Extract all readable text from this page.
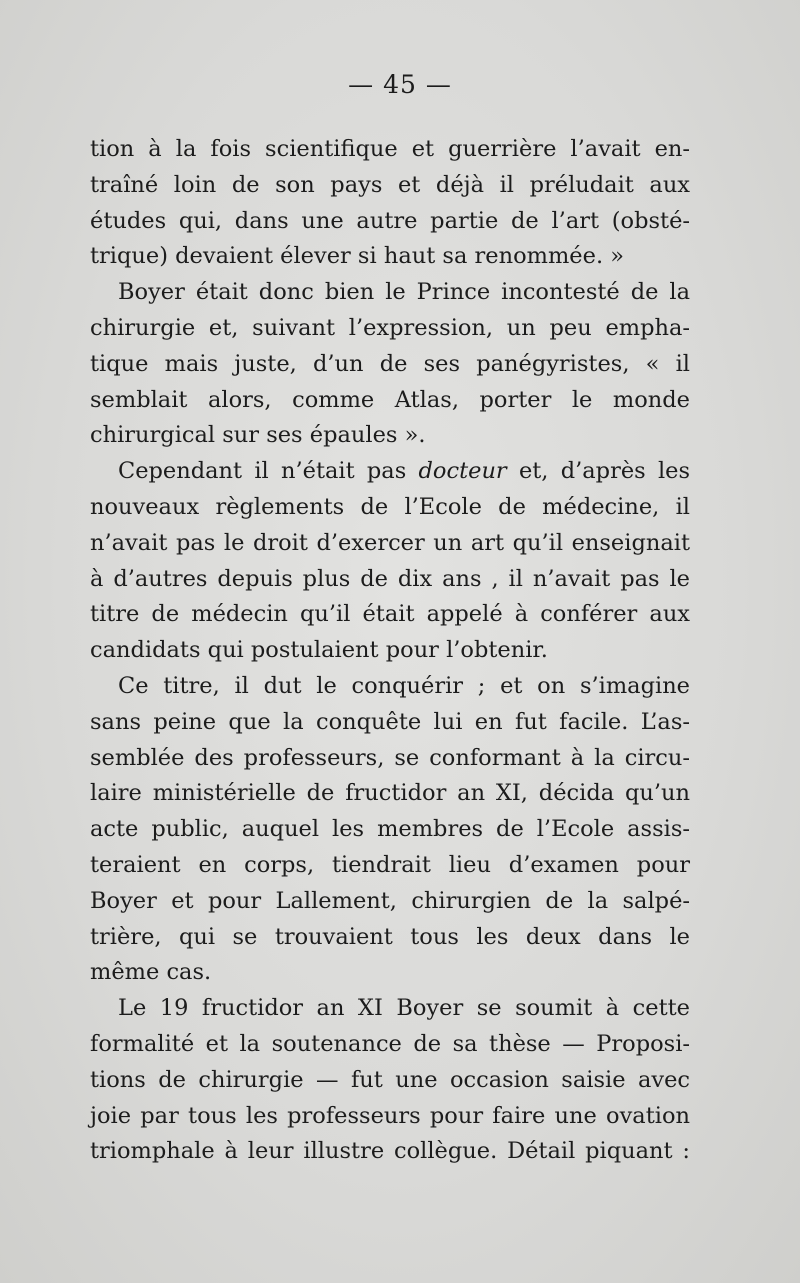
— 45 —
tion à la fois scientifique et guerrière l’avait en-
traîné loin de son pays et déjà il préludait aux
études qui, dans une autre partie de l’art (obsté-
trique) devaient élever si haut sa renommée. »
Boyer était donc bien le Prince incontesté de la
chirurgie et, suivant l’expression, un peu empha-
tique mais juste, d’un de ses panégyristes, « il
semblait alors, comme Atlas, porter le monde
chirurgical sur ses épaules ».
Cependant il n’était pas docteur et, d’après les
nouveaux règlements de l’Ecole de médecine, il
n’avait pas le droit d’exercer un art qu’il enseignait
à d’autres depuis plus de dix ans , il n’avait pas le
titre de médecin qu’il était appelé à conférer aux
candidats qui postulaient pour l’obtenir.
Ce titre, il dut le conquérir ; et on s’imagine
sans peine que la conquête lui en fut facile. L’as-
semblée des professeurs, se conformant à la circu-
laire ministérielle de fructidor an XI, décida qu’un
acte public, auquel les membres de l’Ecole assis-
teraient en corps, tiendrait lieu d’examen pour
Boyer et pour Lallement, chirurgien de la salpé-
trière, qui se trouvaient tous les deux dans le
même cas.
Le 19 fructidor an XI Boyer se soumit à cette
formalité et la soutenance de sa thèse — Proposi-
tions de chirurgie — fut une occasion saisie avec
joie par tous les professeurs pour faire une ovation
triomphale à leur illustre collègue. Détail piquant :
